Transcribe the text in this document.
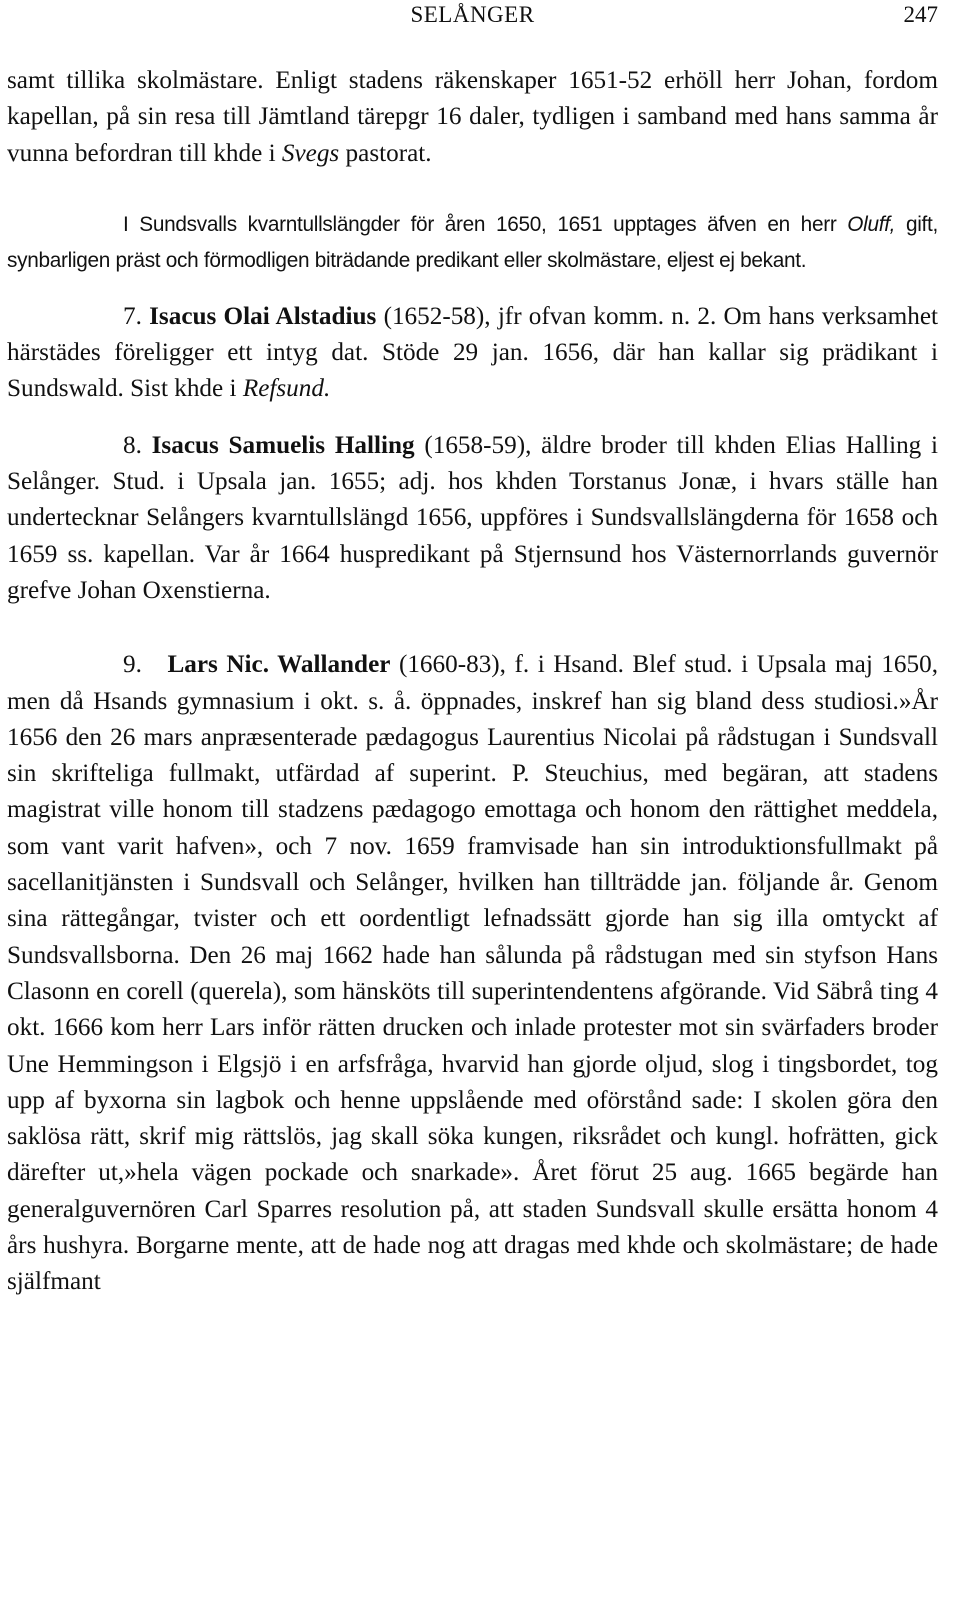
SELÅNGER	247

samt tillika skolmästare. Enligt stadens räkenskaper 1651-52 erhöll herr Johan, fordom kapellan, på sin resa till Jämtland tärepgr 16 daler, tydligen i samband med hans samma år vunna befordran till khde i Svegs pastorat.

I Sundsvalls kvarntullslängder för åren 1650, 1651 upptages äfven en herr Oluff, gift, synbarligen präst och förmodligen biträdande predikant eller skolmästare, eljest ej bekant.

7. Isacus Olai Alstadius (1652-58), jfr ofvan komm. n. 2. Om hans verksamhet härstädes föreligger ett intyg dat. Stöde 29 jan. 1656, där han kallar sig prädikant i Sundswald. Sist khde i Refsund.

8. Isacus Samuelis Halling (1658-59), äldre broder till khden Elias Halling i Selånger. Stud. i Upsala jan. 1655; adj. hos khden Torstanus Jonæ, i hvars ställe han undertecknar Selångers kvarntullslängd 1656, uppföres i Sundsvallslängderna för 1658 och 1659 ss. kapellan. Var år 1664 huspredikant på Stjernsund hos Västernorrlands guvernör grefve Johan Oxenstierna.

9. Lars Nic. Wallander (1660-83), f. i Hsand. Blef stud. i Upsala maj 1650, men då Hsands gymnasium i okt. s. å. öppnades, inskref han sig bland dess studiosi.»År 1656 den 26 mars anpræsenterade pædagogus Laurentius Nicolai på rådstugan i Sundsvall sin skrifteliga fullmakt, utfärdad af superint. P. Steuchius, med begäran, att stadens magistrat ville honom till stadzens pædagogo emottaga och honom den rättighet meddela, som vant varit hafven», och 7 nov. 1659 framvisade han sin introduktionsfullmakt på sacellanitjänsten i Sundsvall och Selånger, hvilken han tillträdde jan. följande år. Genom sina rättegångar, tvister och ett oordentligt lefnadssätt gjorde han sig illa omtyckt af Sundsvallsborna. Den 26 maj 1662 hade han sålunda på rådstugan med sin styfson Hans Clasonn en corell (querela), som hänsköts till superintendentens afgörande. Vid Säbrå ting 4 okt. 1666 kom herr Lars inför rätten drucken och inlade protester mot sin svärfaders broder Une Hemmingson i Elgsjö i en arfsfråga, hvarvid han gjorde oljud, slog i tingsbordet, tog upp af byxorna sin lagbok och henne uppslående med oförstånd sade: I skolen göra den saklösa rätt, skrif mig rättslös, jag skall söka kungen, riksrådet och kungl. hofrätten, gick därefter ut,»hela vägen pockade och snarkade». Året förut 25 aug. 1665 begärde han generalguvernören Carl Sparres resolution på, att staden Sundsvall skulle ersätta honom 4 års hushyra. Borgarne mente, att de hade nog att dragas med khde och skolmästare; de hade själfmant
